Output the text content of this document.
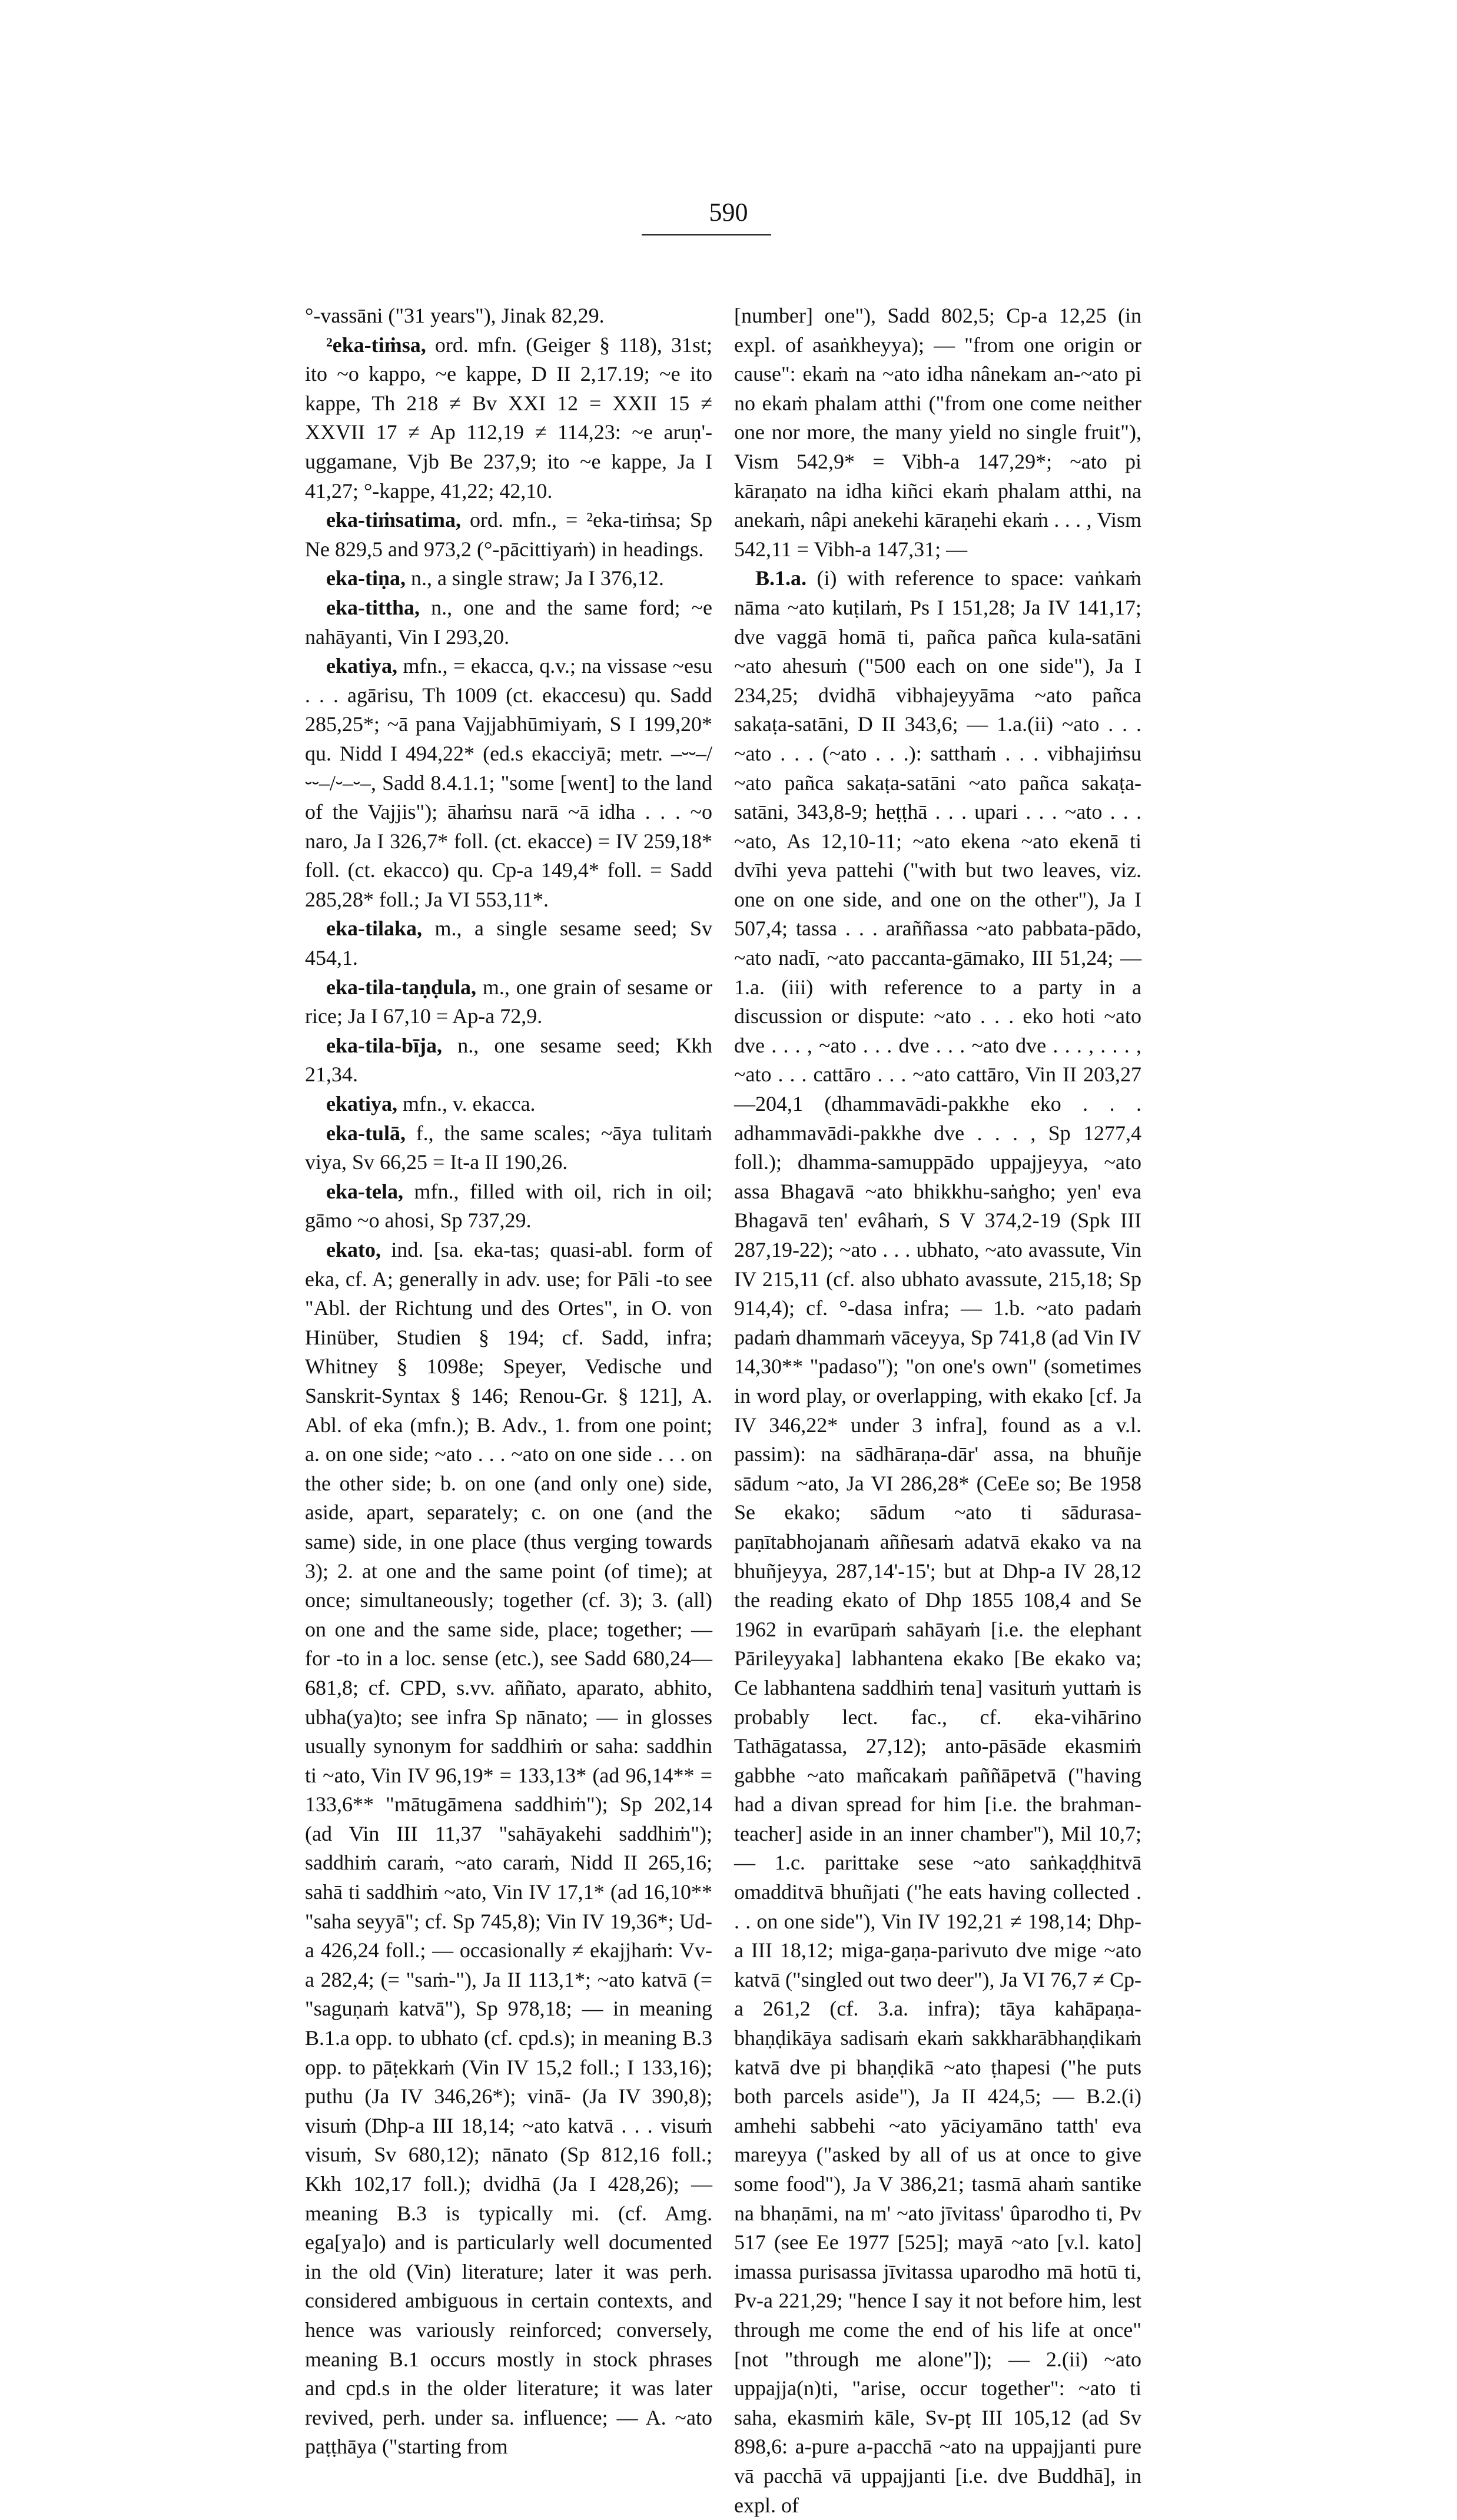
590

°-vassāni ("31 years"), Jinak 82,29.

²eka-tiṁsa, ord. mfn. (Geiger § 118), 31st; ito ~o kappo, ~e kappe, D II 2,17.19; ~e ito kappe, Th 218 ≠ Bv XXI 12 = XXII 15 ≠ XXVII 17 ≠ Ap 112,19 ≠ 114,23: ~e aruṇ'-uggamane, Vjb Be 237,9; ito ~e kappe, Ja I 41,27; °-kappe, 41,22; 42,10.

eka-tiṁsatima, ord. mfn., = ²eka-tiṁsa; Sp Ne 829,5 and 973,2 (°-pācittiyaṁ) in headings.

eka-tiṇa, n., a single straw; Ja I 376,12.

eka-tittha, n., one and the same ford; ~e nahāyanti, Vin I 293,20.

ekatiya, mfn., = ekacca, q.v.; na vissase ~esu . . . agārisu, Th 1009 (ct. ekaccesu) qu. Sadd 285,25*; ~ā pana Vajjabhūmiyaṁ, S I 199,20* qu. Nidd I 494,22* (ed.s ekacciyā; metr. –⏑⏑–/⏑⏑–/⏑–⏑–, Sadd 8.4.1.1; "some [went] to the land of the Vajjis"); āhaṁsu narā ~ā idha . . . ~o naro, Ja I 326,7* foll. (ct. ekacce) = IV 259,18* foll. (ct. ekacco) qu. Cp-a 149,4* foll. = Sadd 285,28* foll.; Ja VI 553,11*.

eka-tilaka, m., a single sesame seed; Sv 454,1.

eka-tila-taṇḍula, m., one grain of sesame or rice; Ja I 67,10 = Ap-a 72,9.

eka-tila-bīja, n., one sesame seed; Kkh 21,34.

ekatiya, mfn., v. ekacca.

eka-tulā, f., the same scales; ~āya tulitaṁ viya, Sv 66,25 = It-a II 190,26.

eka-tela, mfn., filled with oil, rich in oil; gāmo ~o ahosi, Sp 737,29.

ekato, ind. [sa. eka-tas; quasi-abl. form of eka, cf. A; generally in adv. use; for Pāli -to see "Abl. der Richtung und des Ortes", in O. von Hinüber, Studien § 194; cf. Sadd, infra; Whitney § 1098e; Speyer, Vedische und Sanskrit-Syntax § 146; Renou-Gr. § 121], A. Abl. of eka (mfn.); B. Adv., 1. from one point; a. on one side; ~ato . . . ~ato on one side . . . on the other side; b. on one (and only one) side, aside, apart, separately; c. on one (and the same) side, in one place (thus verging towards 3); 2. at one and the same point (of time); at once; simultaneously; together (cf. 3); 3. (all) on one and the same side, place; together; — for -to in a loc. sense (etc.), see Sadd 680,24—681,8; cf. CPD, s.vv. aññato, aparato, abhito, ubha(ya)to; see infra Sp nānato; — in glosses usually synonym for saddhiṁ or saha: saddhin ti ~ato, Vin IV 96,19* = 133,13* (ad 96,14** = 133,6** "mātugāmena saddhiṁ"); Sp 202,14 (ad Vin III 11,37 "sahāyakehi saddhiṁ"); saddhiṁ caraṁ, ~ato caraṁ, Nidd II 265,16; sahā ti saddhiṁ ~ato, Vin IV 17,1* (ad 16,10** "saha seyyā"; cf. Sp 745,8); Vin IV 19,36*; Ud-a 426,24 foll.; — occasionally ≠ ekajjhaṁ: Vv-a 282,4; (= "saṁ-"), Ja II 113,1*; ~ato katvā (= "saguṇaṁ katvā"), Sp 978,18; — in meaning B.1.a opp. to ubhato (cf. cpd.s); in meaning B.3 opp. to pāṭekkaṁ (Vin IV 15,2 foll.; I 133,16); puthu (Ja IV 346,26*); vinā- (Ja IV 390,8); visuṁ (Dhp-a III 18,14; ~ato katvā . . . visuṁ visuṁ, Sv 680,12); nānato (Sp 812,16 foll.; Kkh 102,17 foll.); dvidhā (Ja I 428,26); — meaning B.3 is typically mi. (cf. Amg. ega[ya]o) and is particularly well documented in the old (Vin) literature; later it was perh. considered ambiguous in certain contexts, and hence was variously reinforced; conversely, meaning B.1 occurs mostly in stock phrases and cpd.s in the older literature; it was later revived, perh. under sa. influence; — A. ~ato paṭṭhāya ("starting from

[number] one"), Sadd 802,5; Cp-a 12,25 (in expl. of asaṅkheyya); — "from one origin or cause": ekaṁ na ~ato idha nânekam an-~ato pi no ekaṁ phalam atthi ("from one come neither one nor more, the many yield no single fruit"), Vism 542,9* = Vibh-a 147,29*; ~ato pi kāraṇato na idha kiñci ekaṁ phalam atthi, na anekaṁ, nâpi anekehi kāraṇehi ekaṁ . . . , Vism 542,11 = Vibh-a 147,31; —

B.1.a. (i) with reference to space: vaṅkaṁ nāma ~ato kuṭilaṁ, Ps I 151,28; Ja IV 141,17; dve vaggā homā ti, pañca pañca kula-satāni ~ato ahesuṁ ("500 each on one side"), Ja I 234,25; dvidhā vibhajeyyāma ~ato pañca sakaṭa-satāni, D II 343,6; — 1.a.(ii) ~ato . . . ~ato . . . (~ato . . .): satthaṁ . . . vibhajiṁsu ~ato pañca sakaṭa-satāni ~ato pañca sakaṭa-satāni, 343,8-9; heṭṭhā . . . upari . . . ~ato . . . ~ato, As 12,10-11; ~ato ekena ~ato ekenā ti dvīhi yeva pattehi ("with but two leaves, viz. one on one side, and one on the other"), Ja I 507,4; tassa . . . araññassa ~ato pabbata-pādo, ~ato nadī, ~ato paccanta-gāmako, III 51,24; — 1.a. (iii) with reference to a party in a discussion or dispute: ~ato . . . eko hoti ~ato dve . . . , ~ato . . . dve . . . ~ato dve . . . , . . . , ~ato . . . cattāro . . . ~ato cattāro, Vin II 203,27—204,1 (dhammavādi-pakkhe eko . . . adhammavādi-pakkhe dve . . . , Sp 1277,4 foll.); dhamma-samuppādo uppajjeyya, ~ato assa Bhagavā ~ato bhikkhu-saṅgho; yen' eva Bhagavā ten' evâhaṁ, S V 374,2-19 (Spk III 287,19-22); ~ato . . . ubhato, ~ato avassute, Vin IV 215,11 (cf. also ubhato avassute, 215,18; Sp 914,4); cf. °-dasa infra; — 1.b. ~ato padaṁ padaṁ dhammaṁ vāceyya, Sp 741,8 (ad Vin IV 14,30** "padaso"); "on one's own" (sometimes in word play, or overlapping, with ekako [cf. Ja IV 346,22* under 3 infra], found as a v.l. passim): na sādhāraṇa-dār' assa, na bhuñje sādum ~ato, Ja VI 286,28* (CeEe so; Be 1958 Se ekako; sādum ~ato ti sādurasa-paṇītabhojanaṁ aññesaṁ adatvā ekako va na bhuñjeyya, 287,14'-15'; but at Dhp-a IV 28,12 the reading ekato of Dhp 1855 108,4 and Se 1962 in evarūpaṁ sahāyaṁ [i.e. the elephant Pārileyyaka] labhantena ekako [Be ekako va; Ce labhantena saddhiṁ tena] vasituṁ yuttaṁ is probably lect. fac., cf. eka-vihārino Tathāgatassa, 27,12); anto-pāsāde ekasmiṁ gabbhe ~ato mañcakaṁ paññāpetvā ("having had a divan spread for him [i.e. the brahman-teacher] aside in an inner chamber"), Mil 10,7; — 1.c. parittake sese ~ato saṅkaḍḍhitvā omadditvā bhuñjati ("he eats having collected . . . on one side"), Vin IV 192,21 ≠ 198,14; Dhp-a III 18,12; miga-gaṇa-parivuto dve mige ~ato katvā ("singled out two deer"), Ja VI 76,7 ≠ Cp-a 261,2 (cf. 3.a. infra); tāya kahāpaṇa-bhaṇḍikāya sadisaṁ ekaṁ sakkharābhaṇḍikaṁ katvā dve pi bhaṇḍikā ~ato ṭhapesi ("he puts both parcels aside"), Ja II 424,5; — B.2.(i) amhehi sabbehi ~ato yāciyamāno tatth' eva mareyya ("asked by all of us at once to give some food"), Ja V 386,21; tasmā ahaṁ santike na bhaṇāmi, na m' ~ato jīvitass' ûparodho ti, Pv 517 (see Ee 1977 [525]; mayā ~ato [v.l. kato] imassa purisassa jīvitassa uparodho mā hotū ti, Pv-a 221,29; "hence I say it not before him, lest through me come the end of his life at once" [not "through me alone"]); — 2.(ii) ~ato uppajja(n)ti, "arise, occur together": ~ato ti saha, ekasmiṁ kāle, Sv-pṭ III 105,12 (ad Sv 898,6: a-pure a-pacchā ~ato na uppajjanti pure vā pacchā vā uppajjanti [i.e. dve Buddhā], in expl. of
